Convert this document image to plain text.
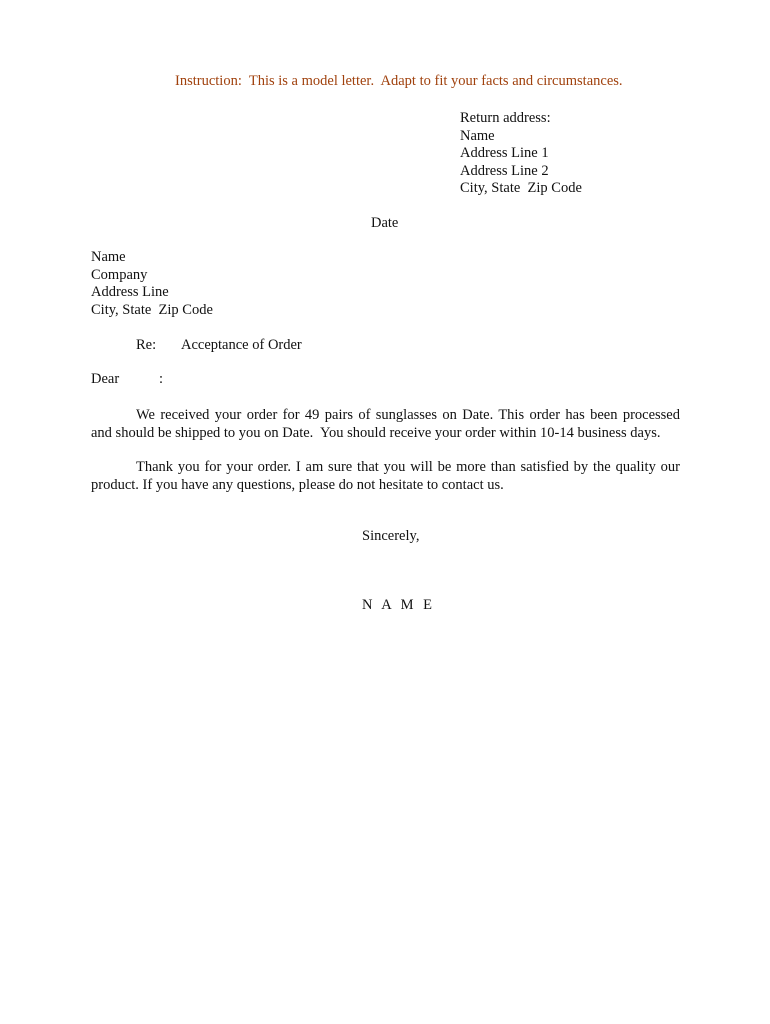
Instruction:  This is a model letter.  Adapt to fit your facts and circumstances.
Return address:
Name
Address Line 1
Address Line 2
City, State  Zip Code
Date
Name
Company
Address Line
City, State  Zip Code
Re: Acceptance of Order
Dear	:
We received your order for 49 pairs of sunglasses on Date. This order has been processed
and should be shipped to you on Date.  You should receive your order within 10-14 business days.
Thank you for your order. I am sure that you will be more than satisfied by the quality our
product. If you have any questions, please do not hesitate to contact us.
Sincerely,
N A M E
